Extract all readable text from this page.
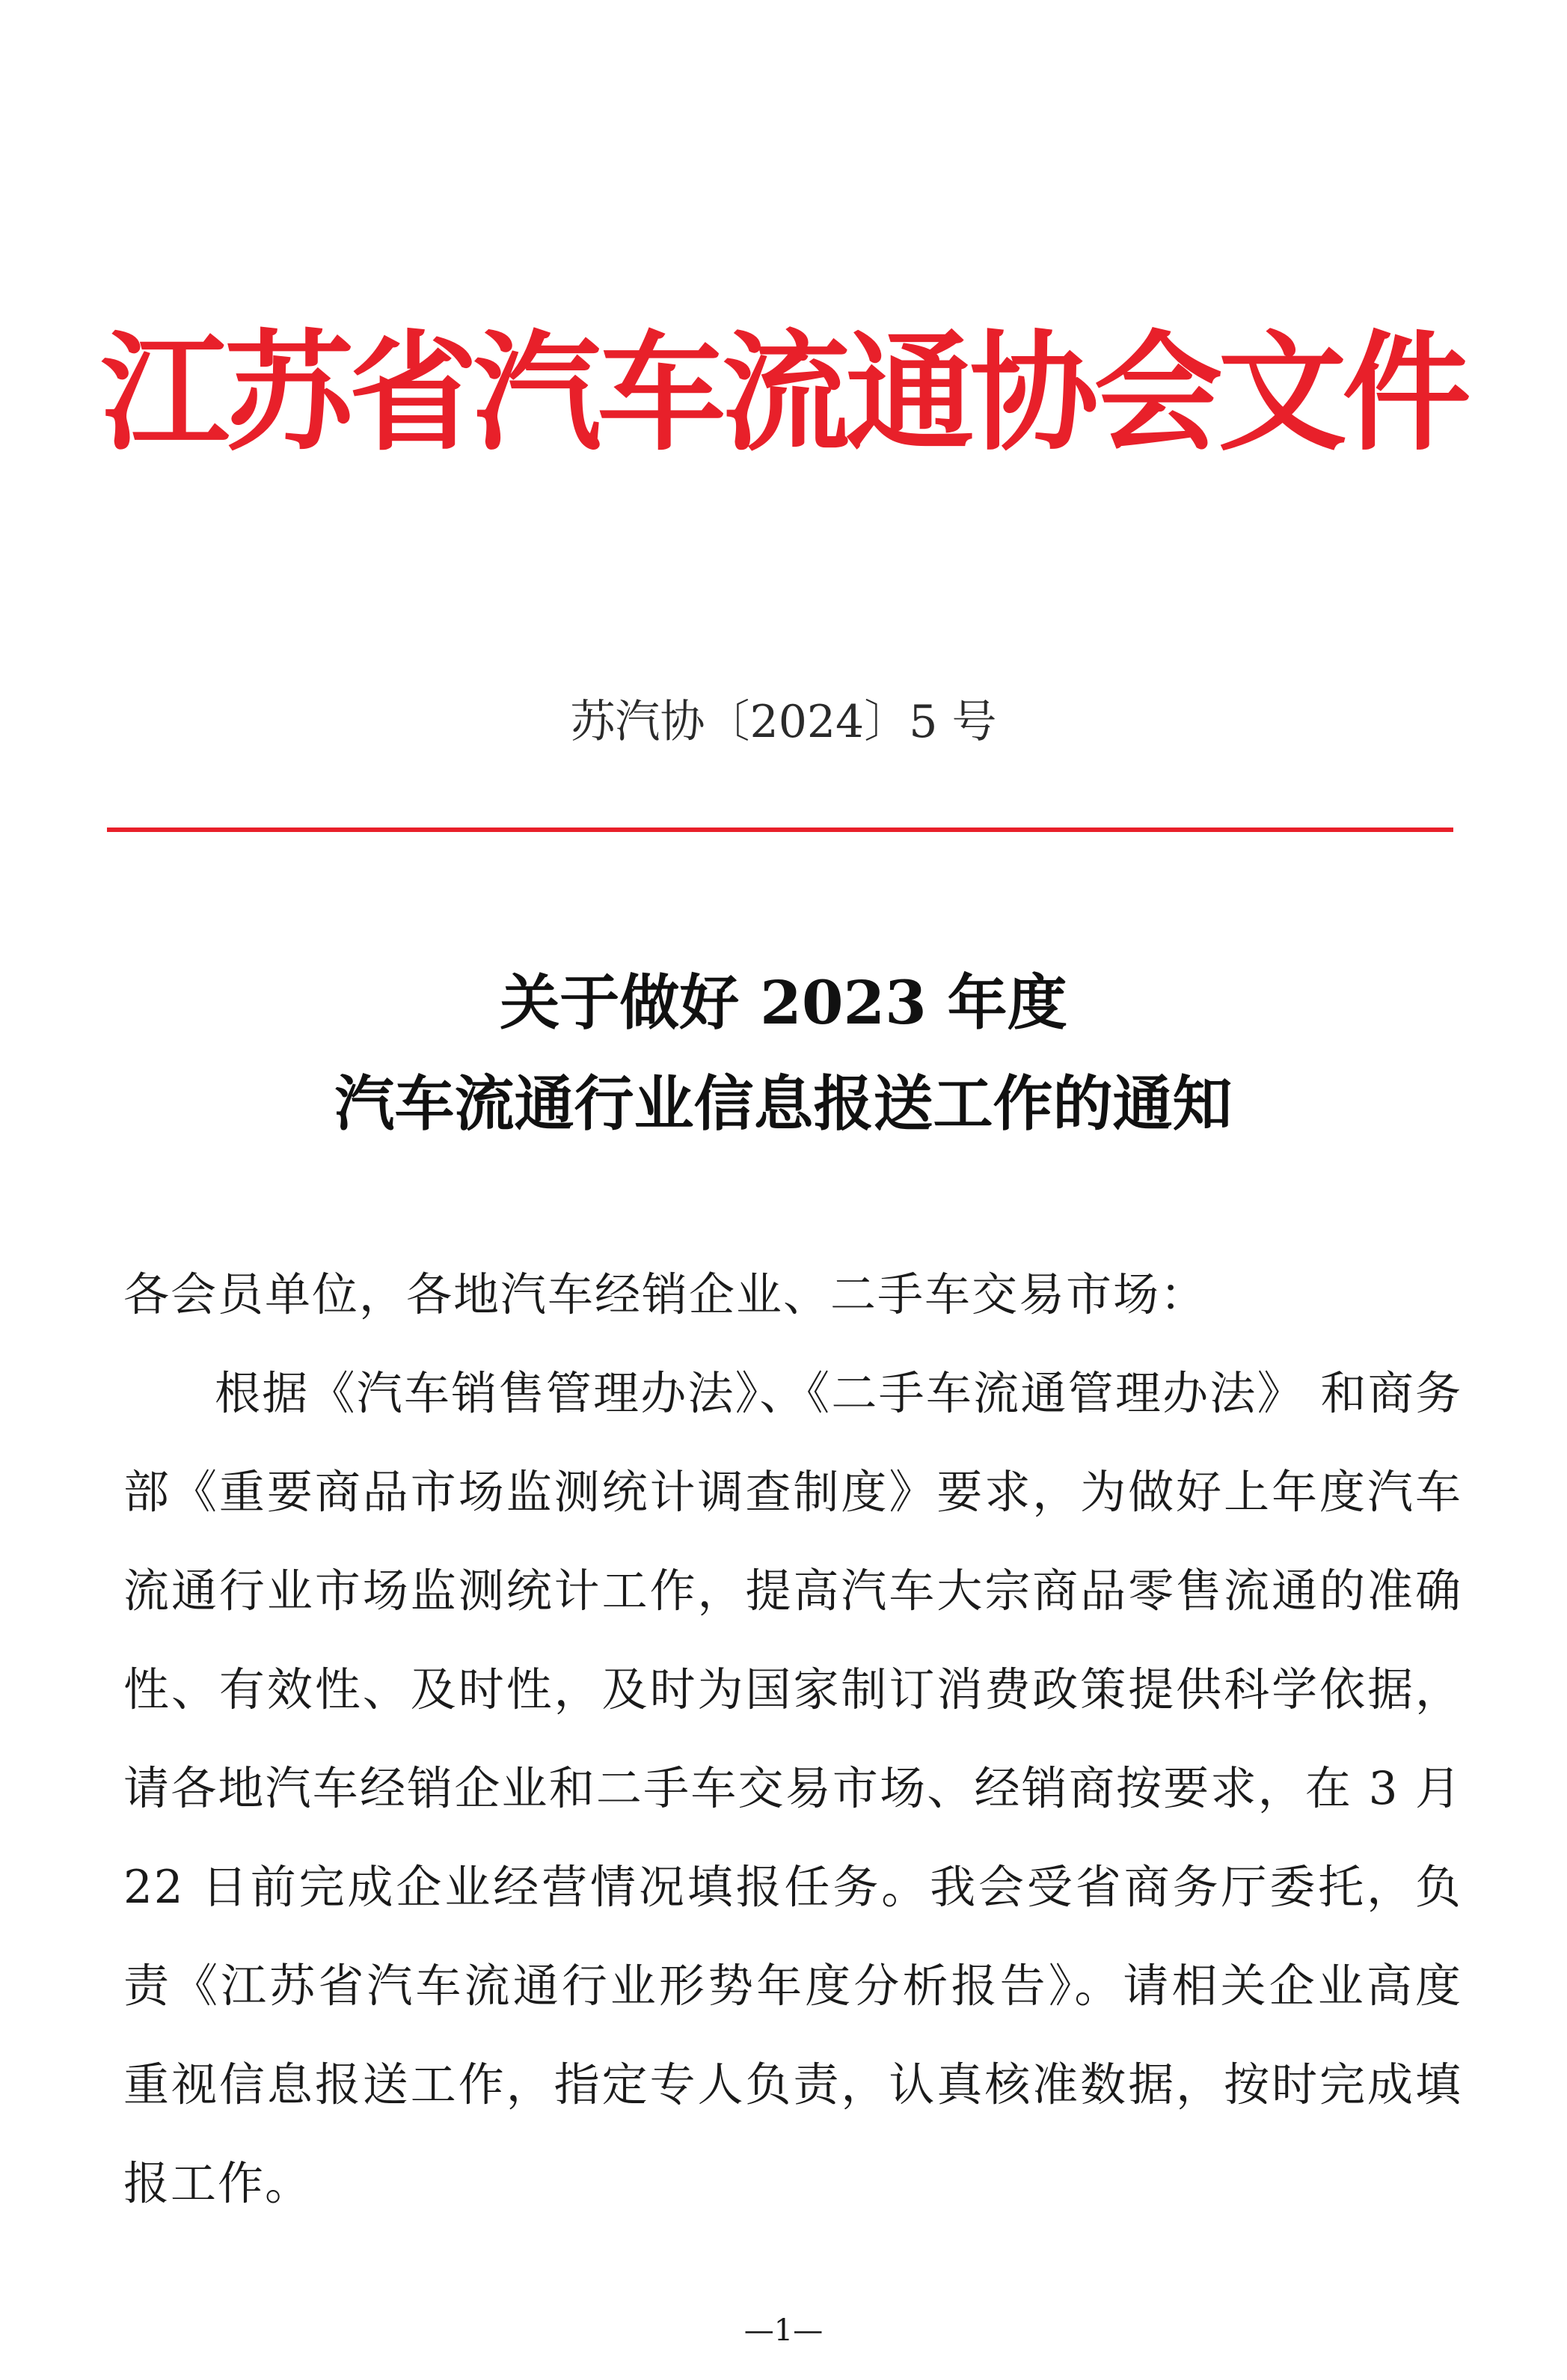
江苏省汽车流通协会文件
苏汽协〔2024〕5 号
关于做好 2023 年度
汽车流通行业信息报送工作的通知

各会员单位，各地汽车经销企业、二手车交易市场：

根据《汽车销售管理办法》、《二手车流通管理办法》 和商务部《重要商品市场监测统计调查制度》要求，为做好上年度汽车流通行业市场监测统计工作，提高汽车大宗商品零售流通的准确性、有效性、及时性，及时为国家制订消费政策提供科学依据，请各地汽车经销企业和二手车交易市场、经销商按要求，在 3 月 22 日前完成企业经营情况填报任务。我会受省商务厅委托，负责《江苏省汽车流通行业形势年度分析报告》。请相关企业高度重视信息报送工作，指定专人负责，认真核准数据，按时完成填报工作。

—1—
